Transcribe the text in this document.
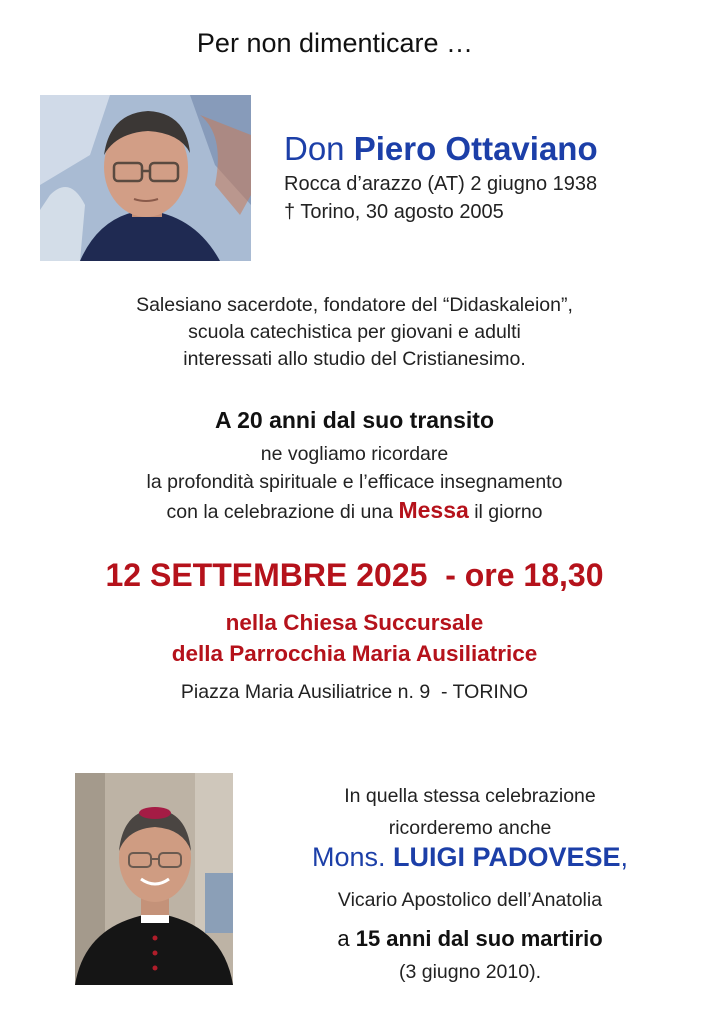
Per non dimenticare …
Don Piero Ottaviano
Rocca d’arazzo (AT) 2 giugno 1938
† Torino, 30 agosto 2005
Salesiano sacerdote, fondatore del “Didaskaleion”,
scuola catechistica per giovani e adulti
interessati allo studio del Cristianesimo.
A 20 anni dal suo transito
ne vogliamo ricordare
la profondità spirituale e l’efficace insegnamento
con la celebrazione di una Messa il giorno
12 SETTEMBRE 2025  - ore 18,30
nella Chiesa Succursale
della Parrocchia Maria Ausiliatrice
Piazza Maria Ausiliatrice n. 9  - TORINO
In quella stessa celebrazione
ricorderemo anche
Mons. LUIGI PADOVESE,
Vicario Apostolico dell’Anatolia
a 15 anni dal suo martirio
(3 giugno 2010).
